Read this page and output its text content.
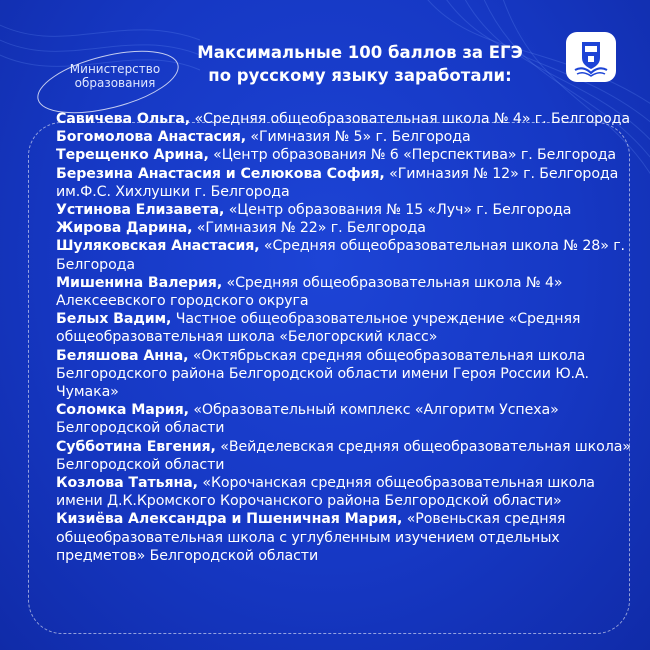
Министерство
образования
Максимальные 100 баллов за ЕГЭ
по русскому языку заработали:

Савичева Ольга, «Средняя общеобразовательная школа № 4» г. Белгорода

Богомолова Анастасия, «Гимназия № 5» г. Белгорода

Терещенко Арина, «Центр образования № 6 «Перспектива» г. Белгорода

Березина Анастасия и Селюкова София, «Гимназия № 12» г. Белгорода им.Ф.С. Хихлушки г. Белгорода

Устинова Елизавета, «Центр образования № 15 «Луч» г. Белгорода

Жирова Дарина, «Гимназия № 22» г. Белгорода

Шуляковская Анастасия, «Средняя общеобразовательная школа № 28» г. Белгорода

Мишенина Валерия, «Средняя общеобразовательная школа № 4» Алексеевского городского округа

Белых Вадим, Частное общеобразовательное учреждение «Средняя общеобразовательная школа «Белогорский класс»

Беляшова Анна, «Октябрьская средняя общеобразовательная школа Белгородского района Белгородской области имени Героя России Ю.А. Чумака»

Соломка Мария, «Образовательный комплекс «Алгоритм Успеха» Белгородской области

Субботина Евгения, «Вейделевская средняя общеобразовательная школа» Белгородской области

Козлова Татьяна, «Корочанская средняя общеобразовательная школа имени Д.К.Кромского Корочанского района Белгородской области»

Кизиёва Александра и Пшеничная Мария, «Ровеньская средняя общеобразовательная школа с углубленным изучением отдельных предметов» Белгородской области
